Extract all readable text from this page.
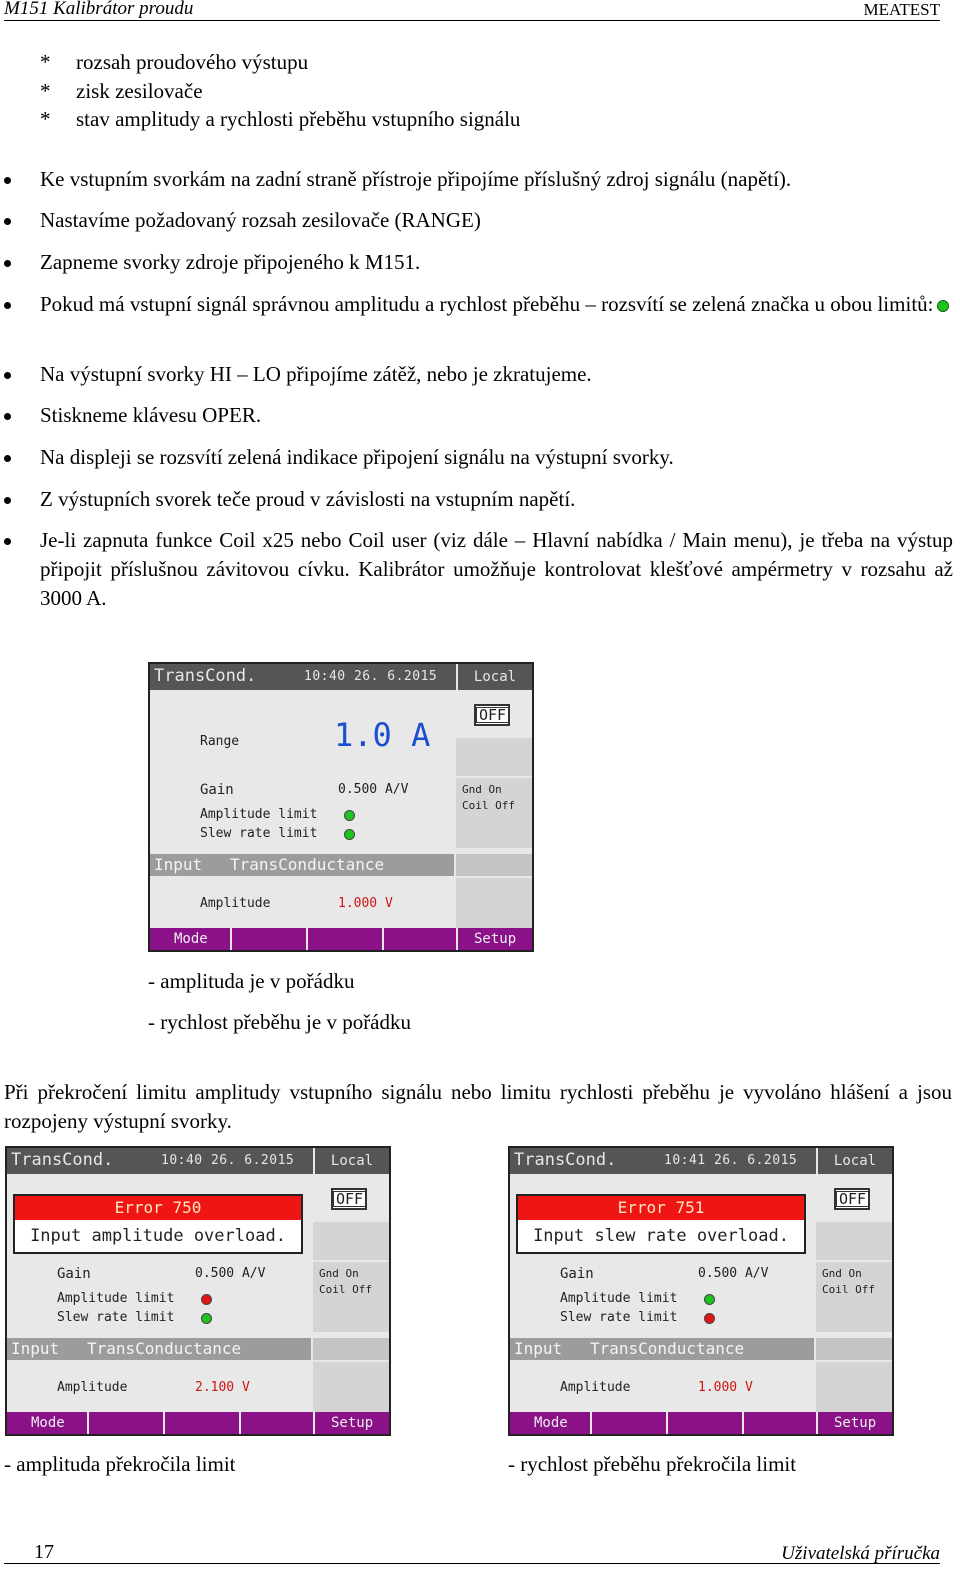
M151 Kalibrátor proudu	MEATEST
* rozsah proudového výstupu
* zisk zesilovače
* stav amplitudy a rychlosti přeběhu vstupního signálu
Ke vstupním svorkám na zadní straně přístroje připojíme příslušný zdroj signálu (napětí).
Nastavíme požadovaný rozsah zesilovače (RANGE)
Zapneme svorky zdroje připojeného k M151.
Pokud má vstupní signál správnou amplitudu a rychlost přeběhu – rozsvítí se zelená značka u obou limitů:
Na výstupní svorky HI – LO připojíme zátěž, nebo je zkratujeme.
Stiskneme klávesu OPER.
Na displeji se rozsvítí zelená indikace připojení signálu na výstupní svorky.
Z výstupních svorek teče proud v závislosti na vstupním napětí.
Je-li zapnuta funkce Coil x25 nebo Coil user (viz dále – Hlavní nabídka / Main menu), je třeba na výstup připojit příslušnou závitovou cívku. Kalibrátor umožňuje kontrolovat klešťové ampérmetry v rozsahu až 3000 A.
TransCond.	10:40 26. 6.2015	Local
OFF
Gnd On
Coil Off
Range	1.0 A
Gain	0.500 A/V
Amplitude limit
Slew rate limit
Input TransConductance
Amplitude	1.000 V
Mode	Setup
- amplituda je v pořádku
- rychlost přeběhu je v pořádku
Při překročení limitu amplitudy vstupního signálu nebo limitu rychlosti přeběhu je vyvoláno hlášení a jsou rozpojeny výstupní svorky.
TransCond.	10:40 26. 6.2015	Local
OFF
Gnd On
Coil Off
Error 750
Input amplitude overload.
Gain	0.500 A/V
Amplitude limit
Slew rate limit
Input TransConductance
Amplitude	2.100 V
Mode	Setup
TransCond.	10:41 26. 6.2015	Local
OFF
Gnd On
Coil Off
Error 751
Input slew rate overload.
Gain	0.500 A/V
Amplitude limit
Slew rate limit
Input TransConductance
Amplitude	1.000 V
Mode	Setup
- amplituda překročila limit	- rychlost přeběhu překročila limit
17	Uživatelská příručka
